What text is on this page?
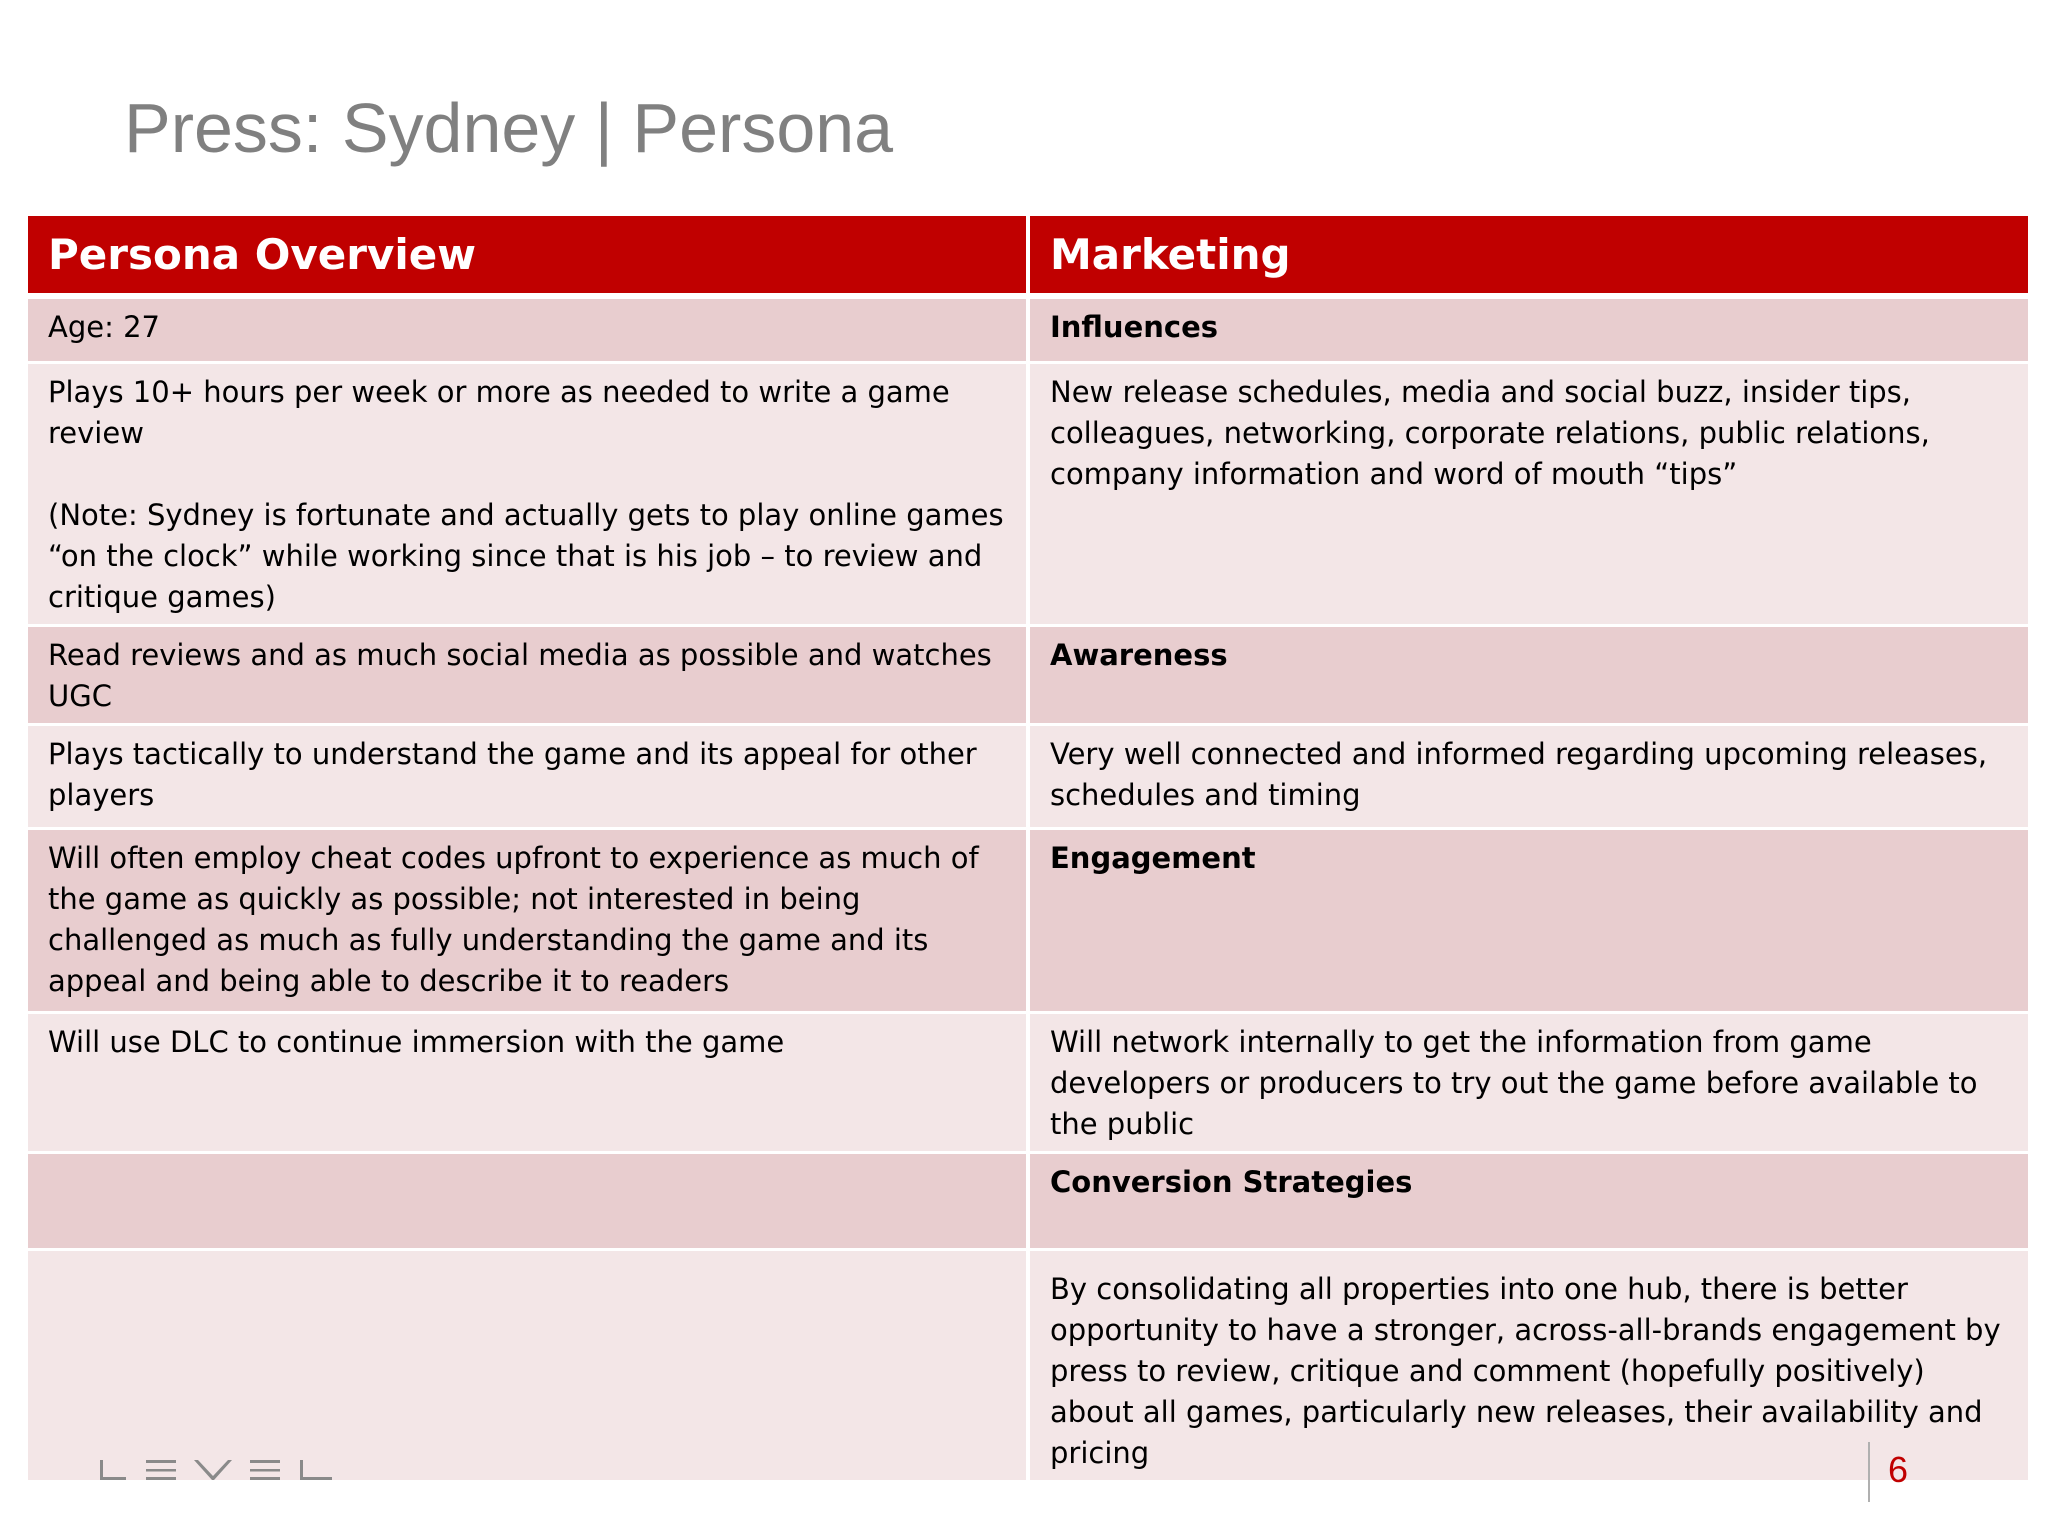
Press: Sydney | Persona
Persona Overview	Marketing
Age: 27	Influences
Plays 10+ hours per week or more as needed to write a game review

(Note: Sydney is fortunate and actually gets to play online games “on the clock” while working since that is his job – to review and critique games)	New release schedules, media and social buzz, insider tips, colleagues, networking, corporate relations, public relations, company information and word of mouth “tips”
Read reviews and as much social media as possible and watches UGC	Awareness
Plays tactically to understand the game and its appeal for other players	Very well connected and informed regarding upcoming releases, schedules and timing
Will often employ cheat codes upfront to experience as much of the game as quickly as possible; not interested in being challenged as much as fully understanding the game and its appeal and being able to describe it to readers	Engagement
Will use DLC to continue immersion with the game	Will network internally to get the information from game developers or producers to try out the game before available to the public
	Conversion Strategies
	By consolidating all properties into one hub, there is better opportunity to have a stronger, across-all-brands engagement by press to review, critique and comment (hopefully positively) about all games, particularly new releases, their availability and pricing	6
